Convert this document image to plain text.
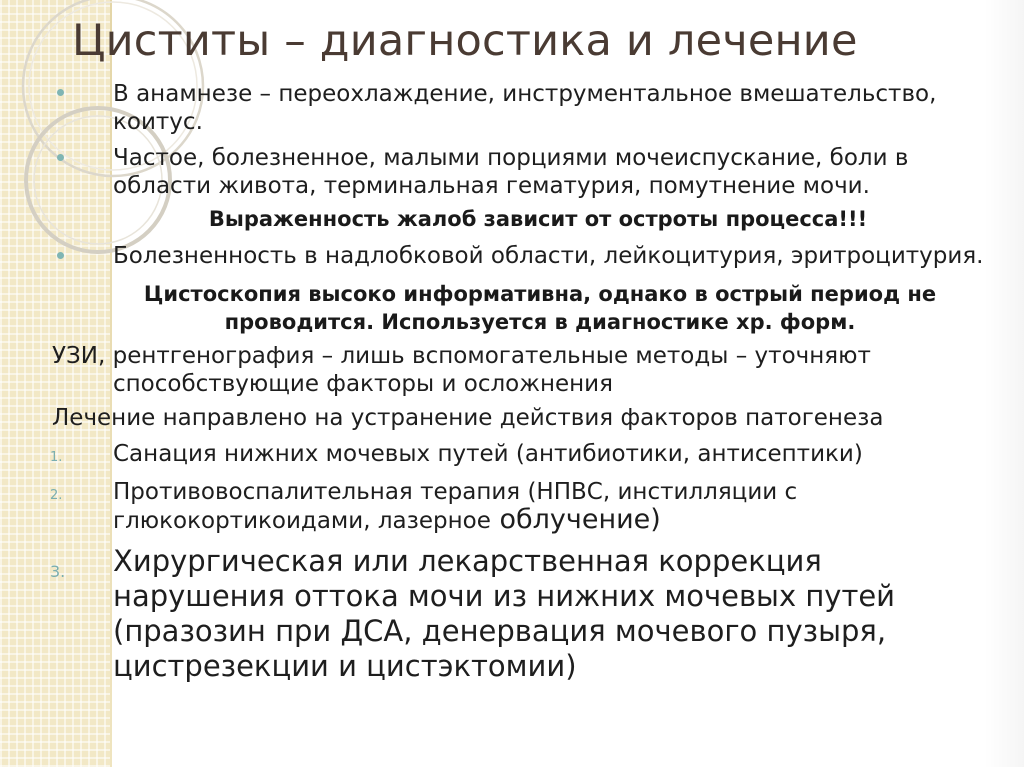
Циститы – диагностика и лечение
В анамнезе – переохлаждение, инструментальное вмешательство, коитус.
Частое, болезненное, малыми порциями мочеиспускание, боли в области живота, терминальная гематурия, помутнение мочи.
Выраженность жалоб зависит от остроты процесса!!!
Болезненность в надлобковой области, лейкоцитурия, эритроцитурия.
Цистоскопия высоко информативна, однако в острый период не проводится. Используется в диагностике хр. форм.
УЗИ, рентгенография – лишь вспомогательные методы – уточняют способствующие факторы и осложнения
Лечение направлено на устранение действия факторов патогенеза
1. Санация нижних мочевых путей (антибиотики, антисептики)
2. Противовоспалительная терапия (НПВС, инстилляции с глюкокортикоидами, лазерное облучение)
3. Хирургическая или лекарственная коррекция нарушения оттока мочи из нижних мочевых путей (празозин при ДСА, денервация мочевого пузыря, цистрезекции и цистэктомии)
